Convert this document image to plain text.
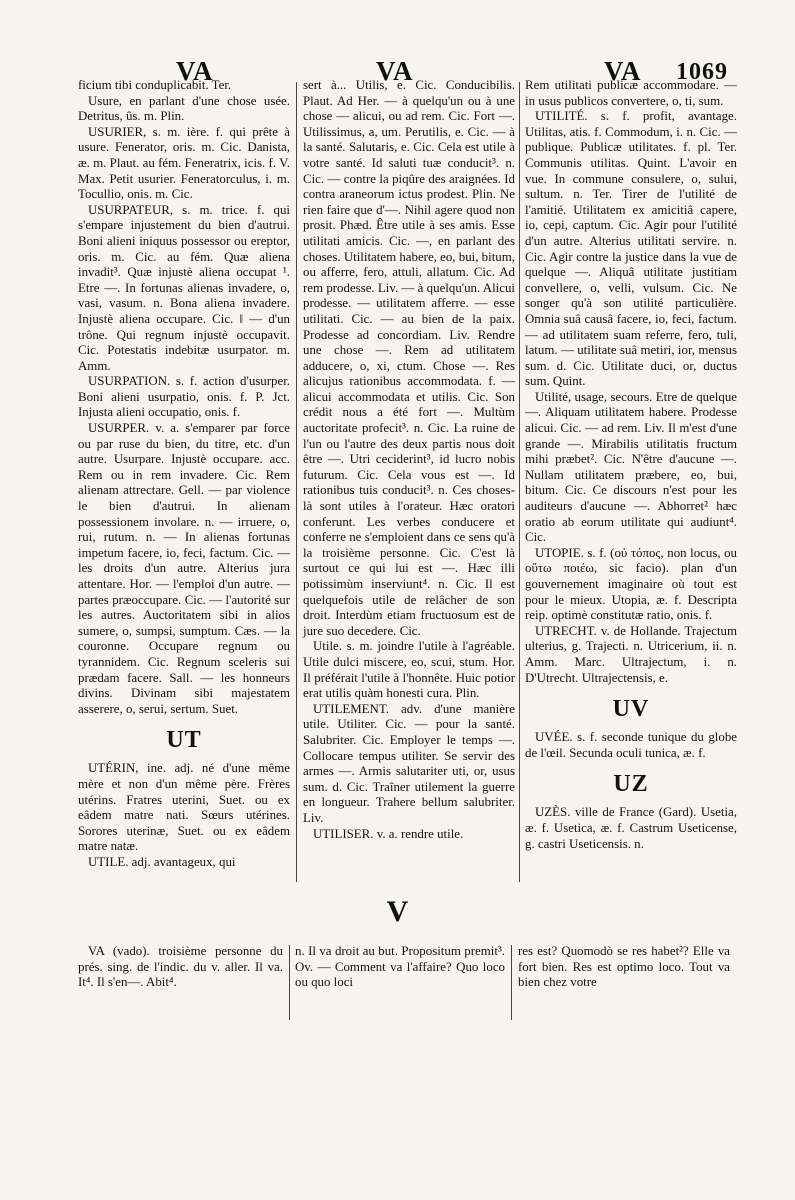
VA	VA	VA 1069

ficium tibi conduplicabit. Ter.

Usure, en parlant d'une chose usée. Detritus, ûs. m. Plin.

USURIER, s. m. ière. f. qui prête à usure. Fenerator, oris. m. Cic. Danista, æ. m. Plaut. au fém. Feneratrix, icis. f. V. Max. Petit usurier. Feneratorculus, i. m. Tocullio, onis. m. Cic.

USURPATEUR, s. m. trice. f. qui s'empare injustement du bien d'autrui. Boni alieni iniquus possessor ou ereptor, oris. m. Cic. au fém. Quæ aliena invadit³. Quæ injustè aliena occupat ¹. Etre —. In fortunas alienas invadere, o, vasi, vasum. n. Bona aliena invadere. Injustè aliena occupare. Cic. ‖ — d'un trône. Qui regnum injustè occupavit. Cic. Potestatis indebitæ usurpator. m. Amm.

USURPATION. s. f. action d'usurper. Boni alieni usurpatio, onis. f. P. Jct. Injusta alieni occupatio, onis. f.

USURPER. v. a. s'emparer par force ou par ruse du bien, du titre, etc. d'un autre. Usurpare. Injustè occupare. acc. Rem ou in rem invadere. Cic. Rem alienam attrectare. Gell. — par violence le bien d'autrui. In alienam possessionem involare. n. — irruere, o, rui, rutum. n. — In alienas fortunas impetum facere, io, feci, factum. Cic. — les droits d'un autre. Alterius jura attentare. Hor. — l'emploi d'un autre. — partes præoccupare. Cic. — l'autorité sur les autres. Auctoritatem sibi in alios sumere, o, sumpsi, sumptum. Cæs. — la couronne. Occupare regnum ou tyrannidem. Cic. Regnum sceleris sui prædam facere. Sall. — les honneurs divins. Divinam sibi majestatem asserere, o, serui, sertum. Suet.

UT

UTÉRIN, ine. adj. né d'une même mère et non d'un même père. Frères utérins. Fratres uterini, Suet. ou ex eâdem matre nati. Sœurs utérines. Sorores uterinæ, Suet. ou ex eâdem matre natæ.

UTILE. adj. avantageux, qui

sert à... Utilis, e. Cic. Conducibilis. Plaut. Ad Her. — à quelqu'un ou à une chose — alicui, ou ad rem. Cic. Fort —. Utilissimus, a, um. Perutilis, e. Cic. — à la santé. Salutaris, e. Cic. Cela est utile à votre santé. Id saluti tuæ conducit³. n. Cic. — contre la piqûre des araignées. Id contra araneorum ictus prodest. Plin. Ne rien faire que d'—. Nihil agere quod non prosit. Phæd. Être utile à ses amis. Esse utilitati amicis. Cic. —, en parlant des choses. Utilitatem habere, eo, bui, bitum, ou afferre, fero, attuli, allatum. Cic. Ad rem prodesse. Liv. — à quelqu'un. Alicui prodesse. — utilitatem afferre. — esse utilitati. Cic. — au bien de la paix. Prodesse ad concordiam. Liv. Rendre une chose —. Rem ad utilitatem adducere, o, xi, ctum. Chose —. Res alicujus rationibus accommodata. f. — alicui accommodata et utilis. Cic. Son crédit nous a été fort —. Multùm auctoritate profecit³. n. Cic. La ruine de l'un ou l'autre des deux partis nous doit être —. Utri ceciderint³, id lucro nobis futurum. Cic. Cela vous est —. Id rationibus tuis conducit³. n. Ces choses-là sont utiles à l'orateur. Hæc oratori conferunt. Les verbes conducere et conferre ne s'emploient dans ce sens qu'à la troisième personne. Cic. C'est là surtout ce qui lui est —. Hæc illi potissimùm inserviunt⁴. n. Cic. Il est quelquefois utile de relâcher de son droit. Interdùm etiam fructuosum est de jure suo decedere. Cic.

Utile. s. m. joindre l'utile à l'agréable. Utile dulci miscere, eo, scui, stum. Hor. Il préférait l'utile à l'honnête. Huic potior erat utilis quàm honesti cura. Plin.

UTILEMENT. adv. d'une manière utile. Utiliter. Cic. — pour la santé. Salubriter. Cic. Employer le temps —. Collocare tempus utiliter. Se servir des armes —. Armis salutariter uti, or, usus sum. d. Cic. Traîner utilement la guerre en longueur. Trahere bellum salubriter. Liv.

UTILISER. v. a. rendre utile.

Rem utilitati publicæ accommodare. — in usus publicos convertere, o, ti, sum.

UTILITÉ. s. f. profit, avantage. Utilitas, atis. f. Commodum, i. n. Cic. — publique. Publicæ utilitates. f. pl. Ter. Communis utilitas. Quint. L'avoir en vue. In commune consulere, o, sului, sultum. n. Ter. Tirer de l'utilité de l'amitié. Utilitatem ex amicitiâ capere, io, cepi, captum. Cic. Agir pour l'utilité d'un autre. Alterius utilitati servire. n. Cic. Agir contre la justice dans la vue de quelque —. Aliquâ utilitate justitiam convellere, o, velli, vulsum. Cic. Ne songer qu'à son utilité particulière. Omnia suâ causâ facere, io, feci, factum. — ad utilitatem suam referre, fero, tuli, latum. — utilitate suâ metiri, ior, mensus sum. d. Cic. Utilitate duci, or, ductus sum. Quint.

Utilité, usage, secours. Etre de quelque —. Aliquam utilitatem habere. Prodesse alicui. Cic. — ad rem. Liv. Il m'est d'une grande —. Mirabilis utilitatis fructum mihi præbet². Cic. N'être d'aucune —. Nullam utilitatem præbere, eo, bui, bitum. Cic. Ce discours n'est pour les auditeurs d'aucune —. Abhorret² hæc oratio ab eorum utilitate qui audiunt⁴. Cic.

UTOPIE. s. f. (οὐ τόπος, non locus, ou οὕτω ποιέω, sic facio). plan d'un gouvernement imaginaire où tout est pour le mieux. Utopia, æ. f. Descripta reip. optimè constitutæ ratio, onis. f.

UTRECHT. v. de Hollande. Trajectum ulterius, g. Trajecti. n. Utricerium, ii. n. Amm. Marc. Ultrajectum, i. n. D'Utrecht. Ultrajectensis, e.

UV

UVÉE. s. f. seconde tunique du globe de l'œil. Secunda oculi tunica, æ. f.

UZ

UZÈS. ville de France (Gard). Usetia, æ. f. Usetica, æ. f. Castrum Useticense, g. castri Useticensis. n.

V

VA (vado). troisième personne du prés. sing. de l'indic. du v. aller. Il va. It⁴. Il s'en—. Abit⁴.

n. Il va droit au but. Propositum premit³. Ov. — Comment va l'affaire? Quo loco ou quo loci

res est? Quomodò se res habet²? Elle va fort bien. Res est optimo loco. Tout va bien chez votre
